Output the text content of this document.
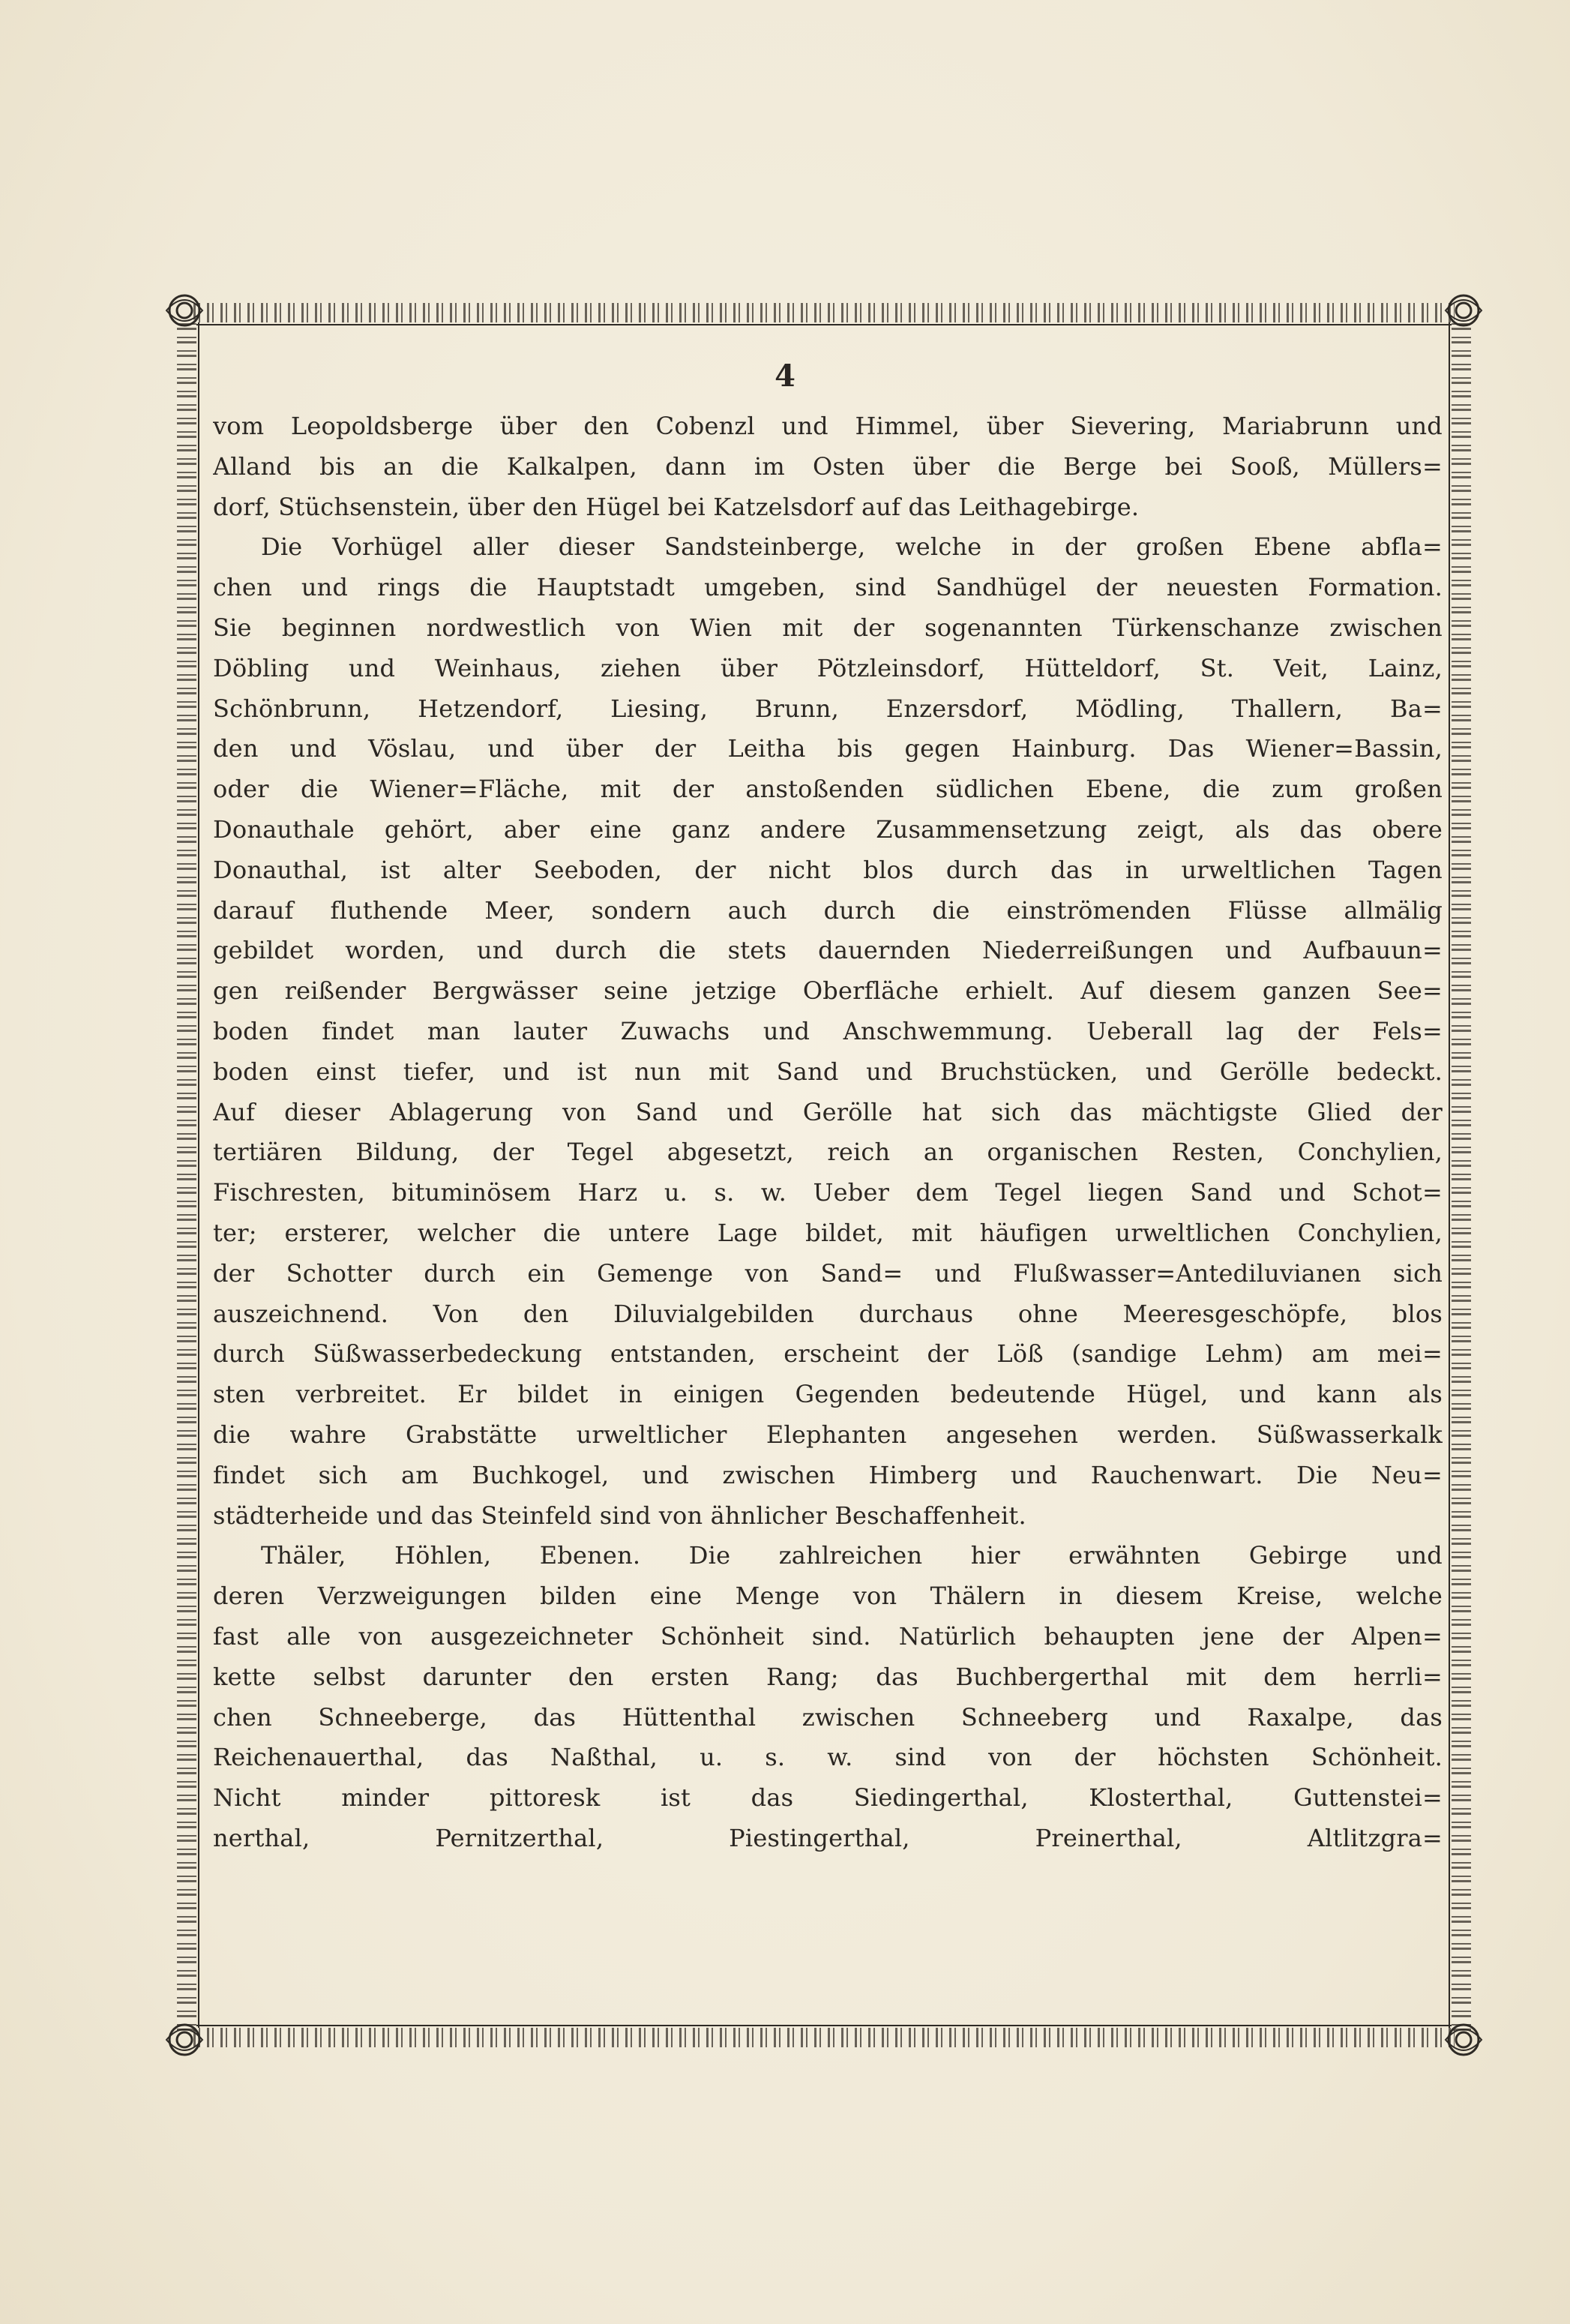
4
vom Leopoldsberge über den Cobenzl und Himmel, über Sievering, Mariabrunn und
Alland bis an die Kalkalpen, dann im Osten über die Berge bei Sooß, Müllers=
dorf, Stüchsenstein, über den Hügel bei Katzelsdorf auf das Leithagebirge.
Die Vorhügel aller dieser Sandsteinberge, welche in der großen Ebene abfla=
chen und rings die Hauptstadt umgeben, sind Sandhügel der neuesten Formation.
Sie beginnen nordwestlich von Wien mit der sogenannten Türkenschanze zwischen
Döbling und Weinhaus, ziehen über Pötzleinsdorf, Hütteldorf, St. Veit, Lainz,
Schönbrunn, Hetzendorf, Liesing, Brunn, Enzersdorf, Mödling, Thallern, Ba=
den und Vöslau, und über der Leitha bis gegen Hainburg. Das Wiener=Bassin,
oder die Wiener=Fläche, mit der anstoßenden südlichen Ebene, die zum großen
Donauthale gehört, aber eine ganz andere Zusammensetzung zeigt, als das obere
Donauthal, ist alter Seeboden, der nicht blos durch das in urweltlichen Tagen
darauf fluthende Meer, sondern auch durch die einströmenden Flüsse allmälig
gebildet worden, und durch die stets dauernden Niederreißungen und Aufbauun=
gen reißender Bergwässer seine jetzige Oberfläche erhielt. Auf diesem ganzen See=
boden findet man lauter Zuwachs und Anschwemmung. Ueberall lag der Fels=
boden einst tiefer, und ist nun mit Sand und Bruchstücken, und Gerölle bedeckt.
Auf dieser Ablagerung von Sand und Gerölle hat sich das mächtigste Glied der
tertiären Bildung, der Tegel abgesetzt, reich an organischen Resten, Conchylien,
Fischresten, bituminösem Harz u. s. w. Ueber dem Tegel liegen Sand und Schot=
ter; ersterer, welcher die untere Lage bildet, mit häufigen urweltlichen Conchylien,
der Schotter durch ein Gemenge von Sand= und Flußwasser=Antediluvianen sich
auszeichnend. Von den Diluvialgebilden durchaus ohne Meeresgeschöpfe, blos
durch Süßwasserbedeckung entstanden, erscheint der Löß (sandige Lehm) am mei=
sten verbreitet. Er bildet in einigen Gegenden bedeutende Hügel, und kann als
die wahre Grabstätte urweltlicher Elephanten angesehen werden. Süßwasserkalk
findet sich am Buchkogel, und zwischen Himberg und Rauchenwart. Die Neu=
städterheide und das Steinfeld sind von ähnlicher Beschaffenheit.
Thäler, Höhlen, Ebenen. Die zahlreichen hier erwähnten Gebirge und
deren Verzweigungen bilden eine Menge von Thälern in diesem Kreise, welche
fast alle von ausgezeichneter Schönheit sind. Natürlich behaupten jene der Alpen=
kette selbst darunter den ersten Rang; das Buchbergerthal mit dem herrli=
chen Schneeberge, das Hüttenthal zwischen Schneeberg und Raxalpe, das
Reichenauerthal, das Naßthal, u. s. w. sind von der höchsten Schönheit.
Nicht minder pittoresk ist das Siedingerthal, Klosterthal, Guttenstei=
nerthal, Pernitzerthal, Piestingerthal, Preinerthal, Altlitzgra=
